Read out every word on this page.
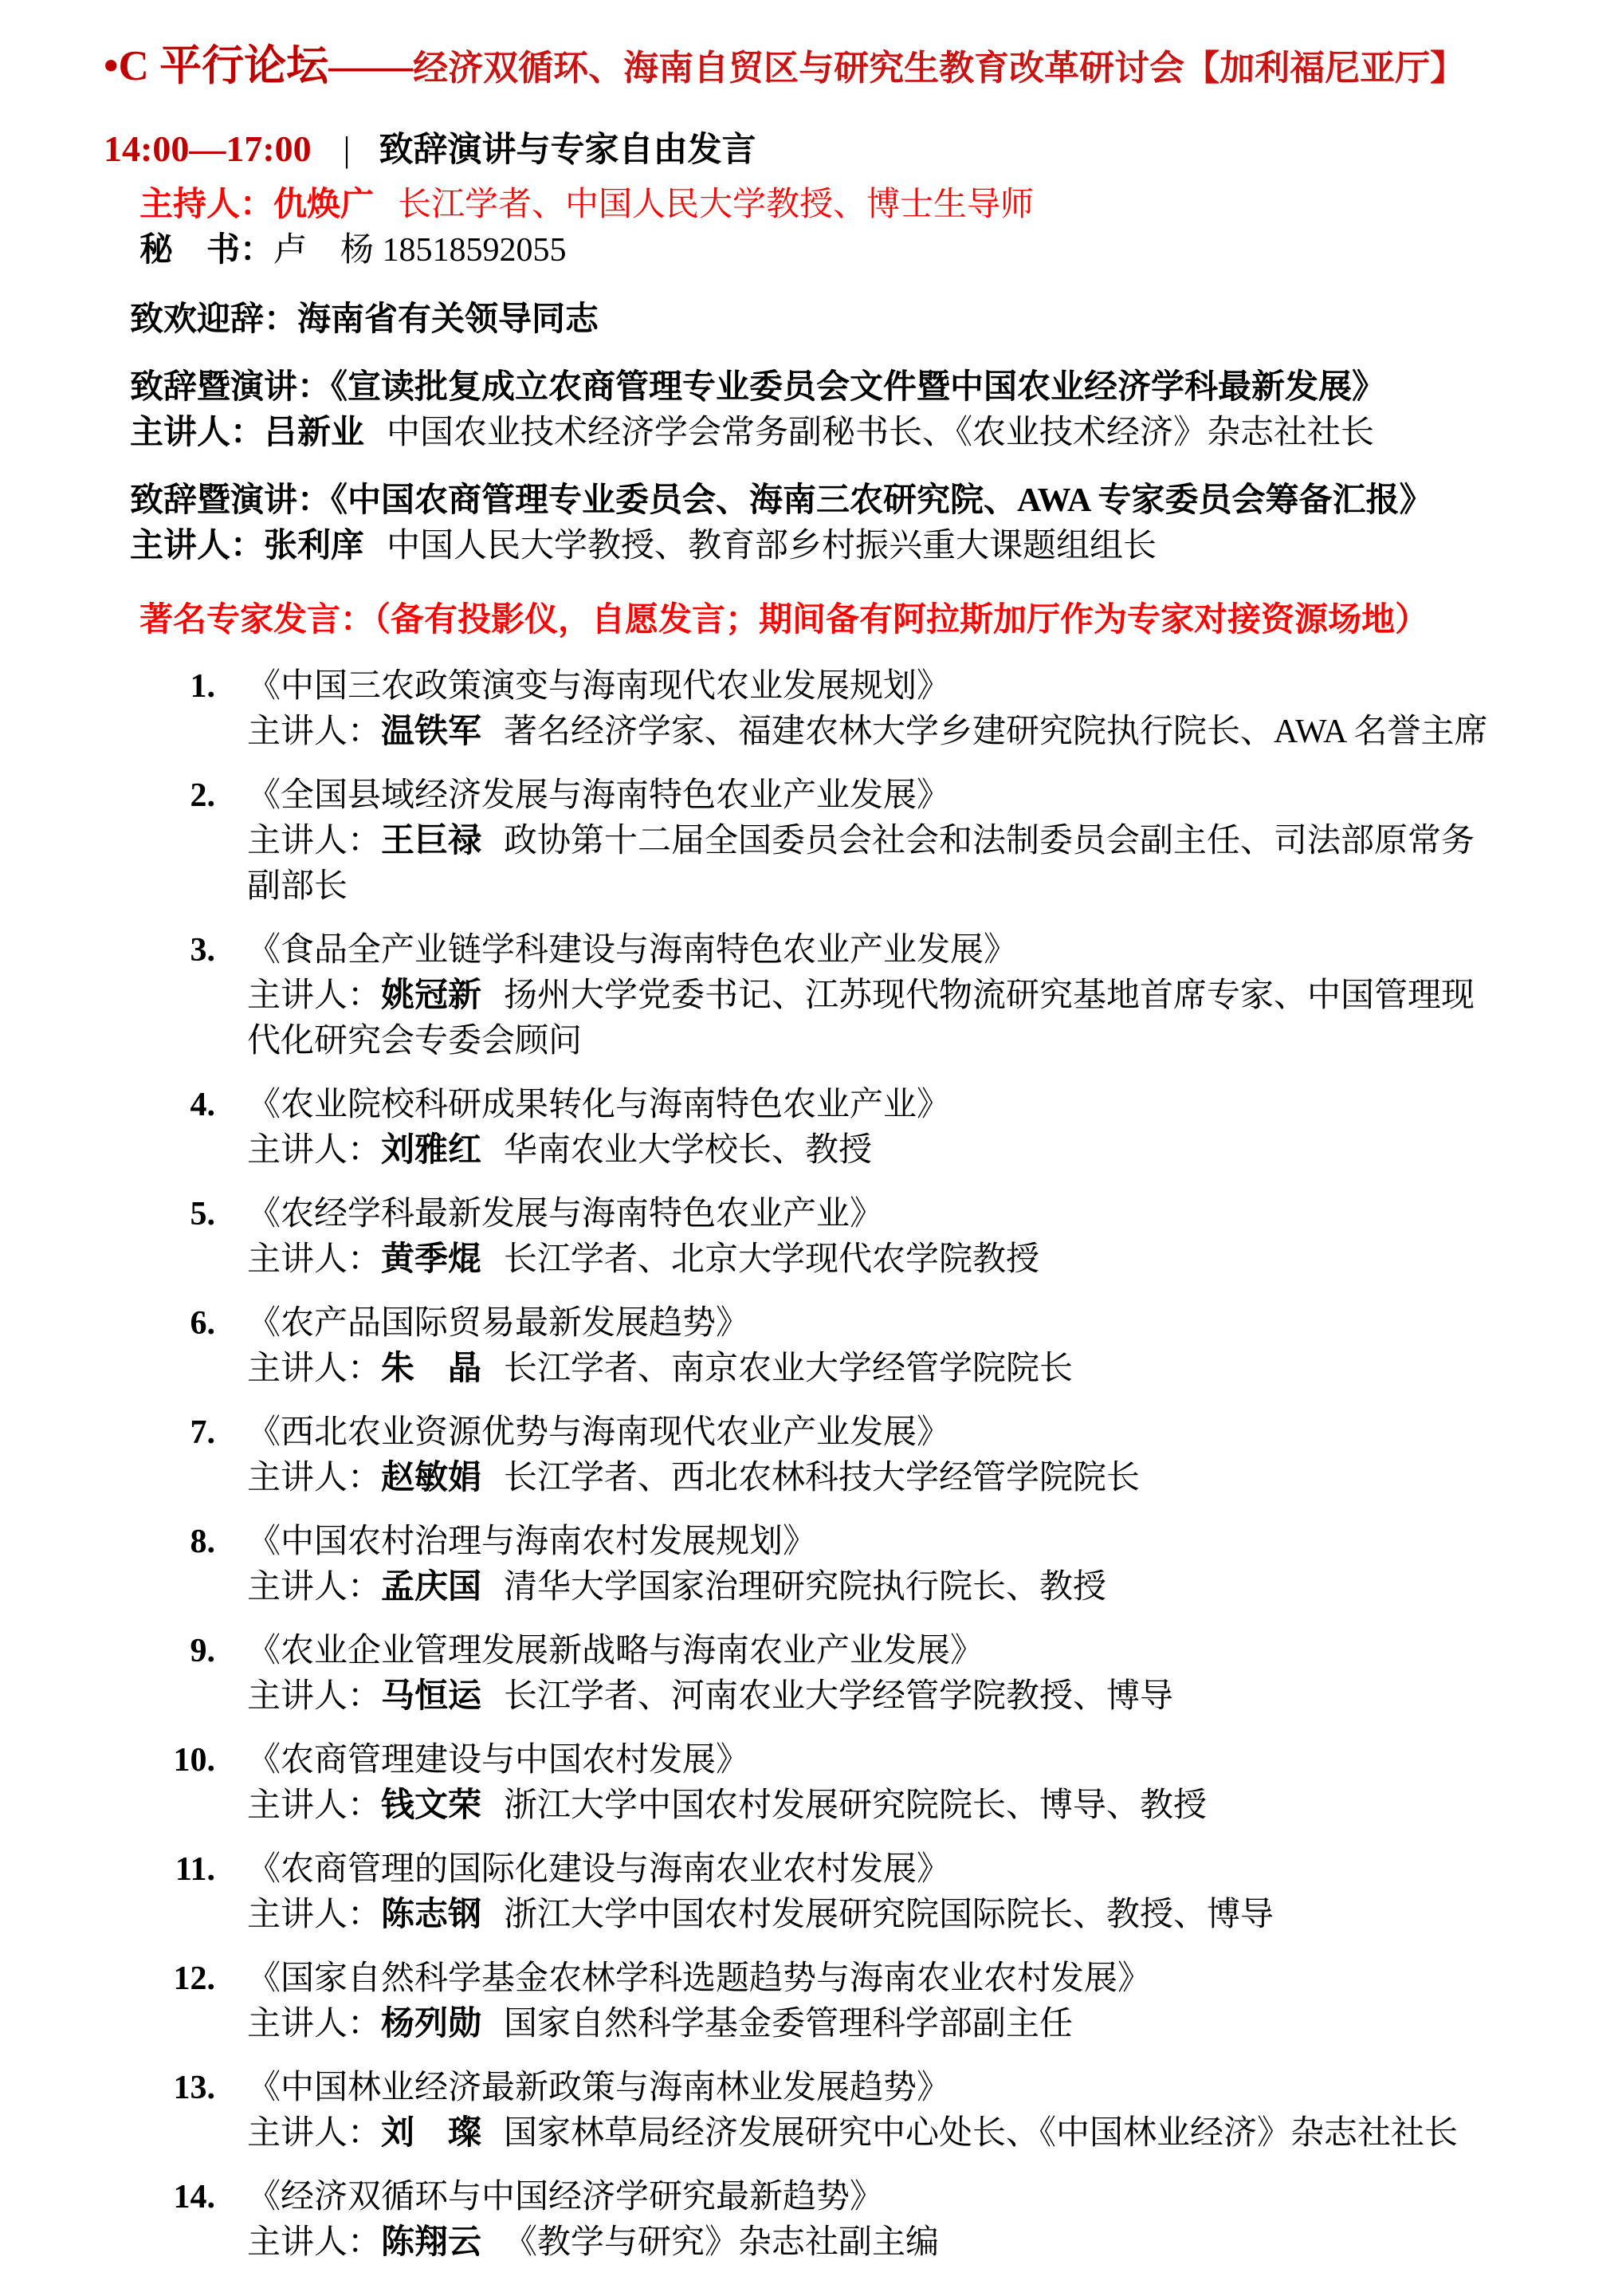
•C 平行论坛——经济双循环、海南自贸区与研究生教育改革研讨会【加利福尼亚厅】

14:00—17:00 | 致辞演讲与专家自由发言

主持人：仇焕广 长江学者、中国人民大学教授、博士生导师

秘　书：卢　杨 18518592055

致欢迎辞：海南省有关领导同志

致辞暨演讲：《宣读批复成立农商管理专业委员会文件暨中国农业经济学科最新发展》

主讲人：吕新业 中国农业技术经济学会常务副秘书长、《农业技术经济》杂志社社长

致辞暨演讲：《中国农商管理专业委员会、海南三农研究院、AWA 专家委员会筹备汇报》

主讲人：张利庠 中国人民大学教授、教育部乡村振兴重大课题组组长

著名专家发言：（备有投影仪，自愿发言；期间备有阿拉斯加厅作为专家对接资源场地）

1. 《中国三农政策演变与海南现代农业发展规划》

主讲人：温铁军 著名经济学家、福建农林大学乡建研究院执行院长、AWA 名誉主席

2. 《全国县域经济发展与海南特色农业产业发展》

主讲人：王巨禄 政协第十二届全国委员会社会和法制委员会副主任、司法部原常务副部长

3. 《食品全产业链学科建设与海南特色农业产业发展》

主讲人：姚冠新 扬州大学党委书记、江苏现代物流研究基地首席专家、中国管理现代化研究会专委会顾问

4. 《农业院校科研成果转化与海南特色农业产业》

主讲人：刘雅红 华南农业大学校长、教授

5. 《农经学科最新发展与海南特色农业产业》

主讲人：黄季焜 长江学者、北京大学现代农学院教授

6. 《农产品国际贸易最新发展趋势》

主讲人：朱　晶 长江学者、南京农业大学经管学院院长

7. 《西北农业资源优势与海南现代农业产业发展》

主讲人：赵敏娟 长江学者、西北农林科技大学经管学院院长

8. 《中国农村治理与海南农村发展规划》

主讲人：孟庆国 清华大学国家治理研究院执行院长、教授

9. 《农业企业管理发展新战略与海南农业产业发展》

主讲人：马恒运 长江学者、河南农业大学经管学院教授、博导

10. 《农商管理建设与中国农村发展》

主讲人：钱文荣 浙江大学中国农村发展研究院院长、博导、教授

11. 《农商管理的国际化建设与海南农业农村发展》

主讲人：陈志钢 浙江大学中国农村发展研究院国际院长、教授、博导

12. 《国家自然科学基金农林学科选题趋势与海南农业农村发展》

主讲人：杨列勋 国家自然科学基金委管理科学部副主任

13. 《中国林业经济最新政策与海南林业发展趋势》

主讲人：刘　璨 国家林草局经济发展研究中心处长、《中国林业经济》杂志社社长

14. 《经济双循环与中国经济学研究最新趋势》

主讲人：陈翔云 《教学与研究》杂志社副主编
